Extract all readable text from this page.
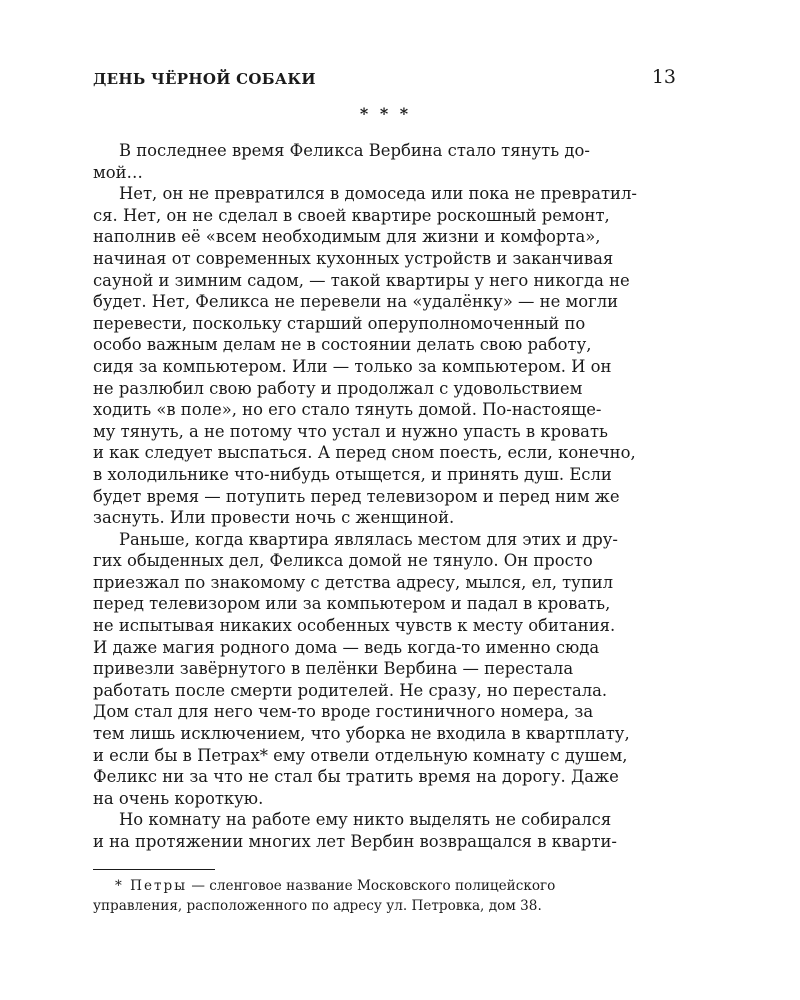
ДЕНЬ ЧЁРНОЙ СОБАКИ	13
* * *

В последнее время Феликса Вербина стало тянуть до-
мой…

Нет, он не превратился в домоседа или пока не превратил-
ся. Нет, он не сделал в своей квартире роскошный ремонт,
наполнив её «всем необходимым для жизни и комфорта»,
начиная от современных кухонных устройств и заканчивая
сауной и зимним садом, — такой квартиры у него никогда не
будет. Нет, Феликса не перевели на «удалёнку» — не могли
перевести, поскольку старший оперуполномоченный по
особо важным делам не в состоянии делать свою работу,
сидя за компьютером. Или — только за компьютером. И он
не разлюбил свою работу и продолжал с удовольствием
ходить «в поле», но его стало тянуть домой. По-настояще-
му тянуть, а не потому что устал и нужно упасть в кровать
и как следует выспаться. А перед сном поесть, если, конечно,
в холодильнике что-нибудь отыщется, и принять душ. Если
будет время — потупить перед телевизором и перед ним же
заснуть. Или провести ночь с женщиной.

Раньше, когда квартира являлась местом для этих и дру-
гих обыденных дел, Феликса домой не тянуло. Он просто
приезжал по знакомому с детства адресу, мылся, ел, тупил
перед телевизором или за компьютером и падал в кровать,
не испытывая никаких особенных чувств к месту обитания.
И даже магия родного дома — ведь когда-то именно сюда
привезли завёрнутого в пелёнки Вербина — перестала
работать после смерти родителей. Не сразу, но перестала.
Дом стал для него чем-то вроде гостиничного номера, за
тем лишь исключением, что уборка не входила в квартплату,
и если бы в Петрах* ему отвели отдельную комнату с душем,
Феликс ни за что не стал бы тратить время на дорогу. Даже
на очень короткую.

Но комнату на работе ему никто выделять не собирался
и на протяжении многих лет Вербин возвращался в кварти-

* Петры — сленговое название Московского полицейского
управления, расположенного по адресу ул. Петровка, дом 38.
